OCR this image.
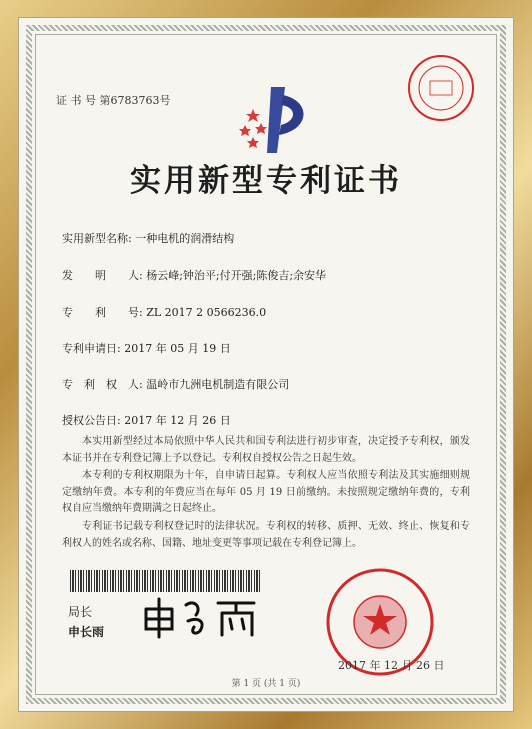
证 书 号 第6783763号
实用新型专利证书
实用新型名称: 一种电机的润滑结构
发　　明　　人: 杨云峰;钟治平;付开强;陈俊吉;余安华
专　　利　　号: ZL 2017 2 0566236.0
专利申请日: 2017 年 05 月 19 日
专　利　权　人: 温岭市九洲电机制造有限公司
授权公告日: 2017 年 12 月 26 日
本实用新型经过本局依照中华人民共和国专利法进行初步审查，决定授予专利权，颁发本证书并在专利登记簿上予以登记。专利权自授权公告之日起生效。
本专利的专利权期限为十年，自申请日起算。专利权人应当依照专利法及其实施细则规定缴纳年费。本专利的年费应当在每年 05 月 19 日前缴纳。未按照规定缴纳年费的，专利权自应当缴纳年费期满之日起终止。
专利证书记载专利权登记时的法律状况。专利权的转移、质押、无效、终止、恢复和专利权人的姓名或名称、国籍、地址变更等事项记载在专利登记簿上。
局长
申长雨
2017 年 12 月 26 日
第 1 页 (共 1 页)
